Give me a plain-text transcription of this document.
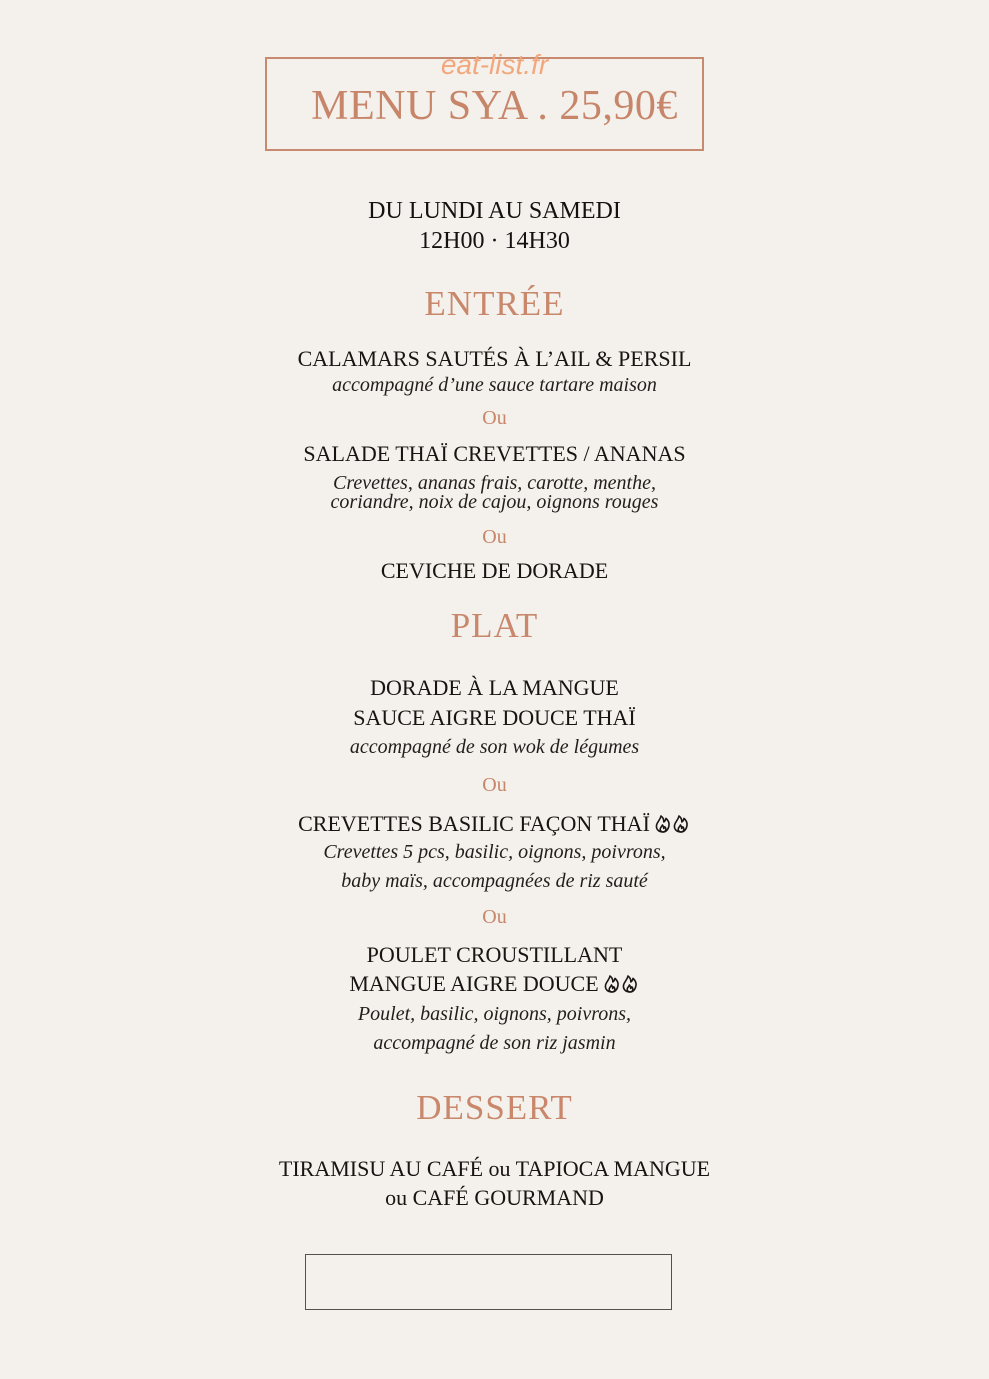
MENU SYA . 25,90€
eat-list.fr
DU LUNDI AU SAMEDI
12H00 · 14H30
ENTRÉE
CALAMARS SAUTÉS À L’AIL & PERSIL
accompagné d’une sauce tartare maison
Ou
SALADE THAÏ CREVETTES / ANANAS
Crevettes, ananas frais, carotte, menthe,
coriandre, noix de cajou, oignons rouges
Ou
CEVICHE DE DORADE
PLAT
DORADE À LA MANGUE
SAUCE AIGRE DOUCE THAÏ
accompagné de son wok de légumes
Ou
CREVETTES BASILIC FAÇON THAÏ
Crevettes 5 pcs, basilic, oignons, poivrons,
baby maïs, accompagnées de riz sauté
Ou
POULET CROUSTILLANT
MANGUE AIGRE DOUCE
Poulet, basilic, oignons, poivrons,
accompagné de son riz jasmin
DESSERT
TIRAMISU AU CAFÉ ou TAPIOCA MANGUE
ou CAFÉ GOURMAND
